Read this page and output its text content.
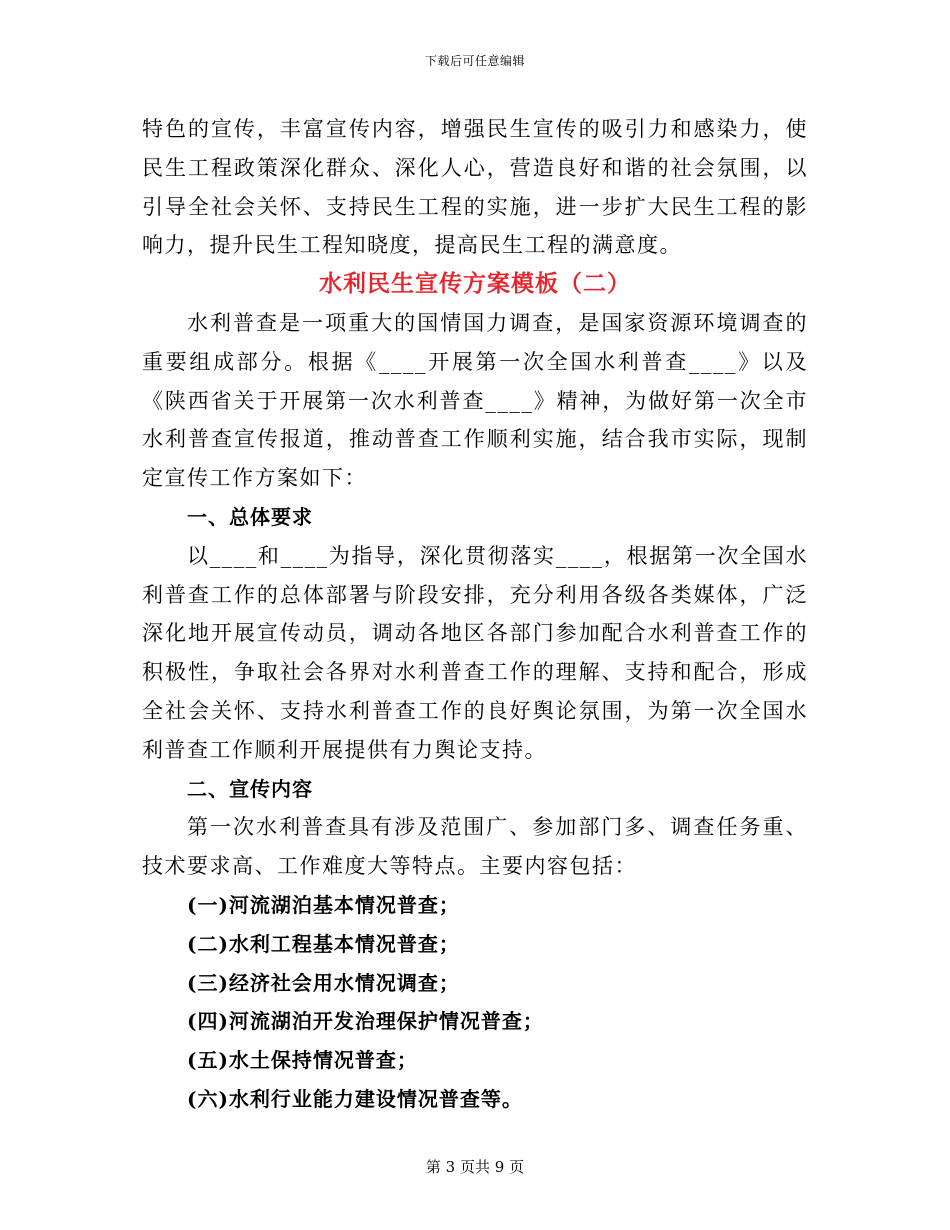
下载后可任意编辑

特色的宣传，丰富宣传内容，增强民生宣传的吸引力和感染力，使民生工程政策深化群众、深化人心，营造良好和谐的社会氛围，以引导全社会关怀、支持民生工程的实施，进一步扩大民生工程的影响力，提升民生工程知晓度，提高民生工程的满意度。

水利民生宣传方案模板（二）

水利普查是一项重大的国情国力调查，是国家资源环境调查的重要组成部分。根据《____开展第一次全国水利普查____》以及《陕西省关于开展第一次水利普查____》精神，为做好第一次全市水利普查宣传报道，推动普查工作顺利实施，结合我市实际，现制定宣传工作方案如下：

一、总体要求

以____和____为指导，深化贯彻落实____，根据第一次全国水利普查工作的总体部署与阶段安排，充分利用各级各类媒体，广泛深化地开展宣传动员，调动各地区各部门参加配合水利普查工作的积极性，争取社会各界对水利普查工作的理解、支持和配合，形成全社会关怀、支持水利普查工作的良好舆论氛围，为第一次全国水利普查工作顺利开展提供有力舆论支持。

二、宣传内容

第一次水利普查具有涉及范围广、参加部门多、调查任务重、技术要求高、工作难度大等特点。主要内容包括：

(一)河流湖泊基本情况普查；

(二)水利工程基本情况普查；

(三)经济社会用水情况调查；

(四)河流湖泊开发治理保护情况普查；

(五)水土保持情况普查；

(六)水利行业能力建设情况普查等。

第 3 页共 9 页
